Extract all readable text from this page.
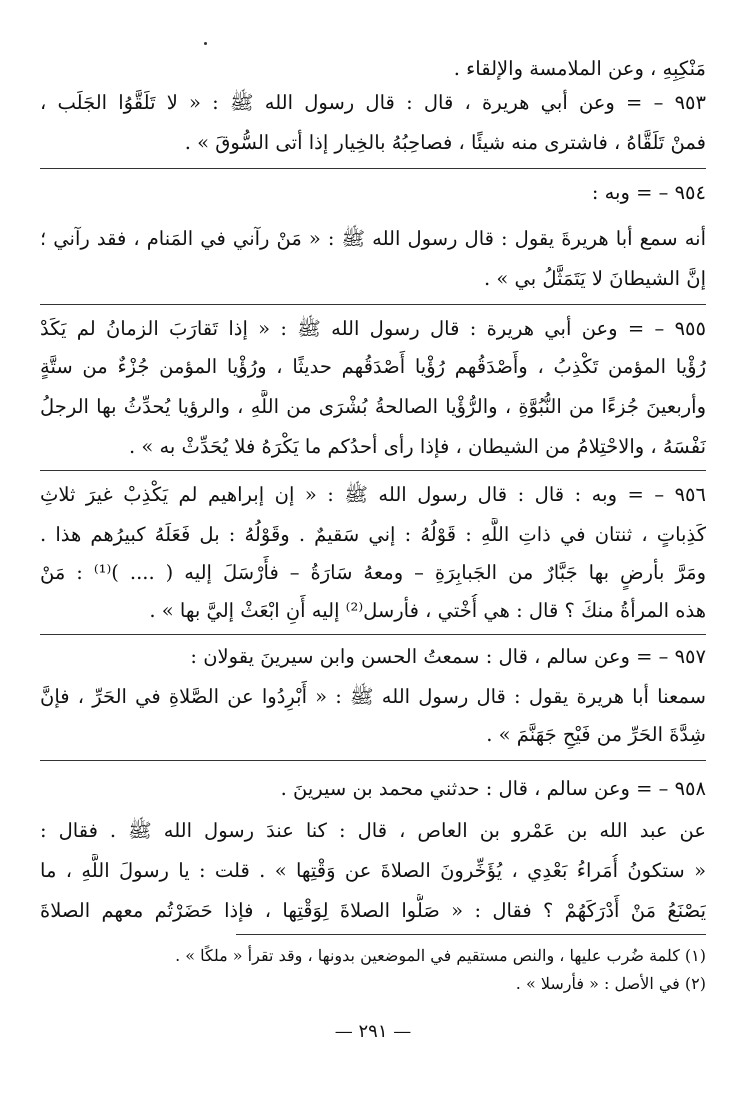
مَنْكِبِهِ ، وعن الملامسة والإلقاء .
٩٥٣ – = وعن أبي هريرة ، قال : قال رسول الله ﷺ : « لا تَلَقَّوُا الجَلَب ،
فمنْ تَلَقَّاهُ ، فاشترى منه شيئًا ، فصاحِبُهُ بالخِيار إذا أتى السُّوقَ » .
٩٥٤ – = وبه :
أنه سمع أبا هريرةَ يقول : قال رسول الله ﷺ : « مَنْ رآني في المَنام ، فقد رآني ؛
إنَّ الشيطانَ لا يَتَمَثَّلُ بي » .
٩٥٥ – = وعن أبي هريرة : قال رسول الله ﷺ : « إذا تَقارَبَ الزمانُ لم يَكَدْ
رُؤْيا المؤمن تَكْذِبُ ، وأَصْدَقُهم رُؤْيا أَصْدَقُهم حديثًا ، ورُؤْيا المؤمن جُزْءٌ من ستَّةٍ
وأربعينَ جُزءًا من النُّبُوَّةِ ، والرُّؤْيا الصالحةُ بُشْرَى من اللَّهِ ، والرؤيا يُحدِّثُ بها الرجلُ
نَفْسَهُ ، والاحْتِلامُ من الشيطان ، فإذا رأى أحدُكم ما يَكْرَهُ فلا يُحَدِّثْ به » .
٩٥٦ – = وبه : قال : قال رسول الله ﷺ : « إن إبراهيم لم يَكْذِبْ غيرَ ثلاثِ
كَذِباتٍ ، ثنتان في ذاتِ اللَّهِ : قَوْلُهُ : إني سَقيمٌ . وقَوْلُهُ : بل فَعَلَهُ كبيرُهم هذا .
ومَرَّ بأرضٍ بها جَبَّارٌ من الجَبابِرَةِ – ومعهُ سَارَةُ – فأَرْسَلَ إليه ( .... )⁽¹⁾ : مَنْ
هذه المرأةُ منكَ ؟ قال : هي أُخْتي ، فأرسل⁽²⁾ إليه أَنِ ابْعَثْ إليَّ بها » .
٩٥٧ – = وعن سالم ، قال : سمعتُ الحسن وابن سيرينَ يقولان :
سمعنا أبا هريرة يقول : قال رسول الله ﷺ : « أَبْرِدُوا عن الصَّلاةِ في الحَرِّ ، فإنَّ
شِدَّةَ الحَرِّ من فَيْحِ جَهَنَّمَ » .
٩٥٨ – = وعن سالم ، قال : حدثني محمد بن سيرينَ .
عن عبد الله بن عَمْرو بن العاص ، قال : كنا عندَ رسول الله ﷺ . فقال :
« ستكونُ أُمَراءُ بَعْدِي ، يُؤَخِّرونَ الصلاةَ عن وَقْتِها » . قلت : يا رسولَ اللَّهِ ، ما
يَصْنَعُ مَنْ أَدْرَكَهُمْ ؟ فقال : « صَلُّوا الصلاةَ لِوَقْتِها ، فإذا حَضَرْتُم معهم الصلاةَ
(١) كلمة ضُرب عليها ، والنص مستقيم في الموضعين بدونها ، وقد تقرأ « ملكًا » .
(٢) في الأصل : « فأرسلا » .
— ٢٩١ —
